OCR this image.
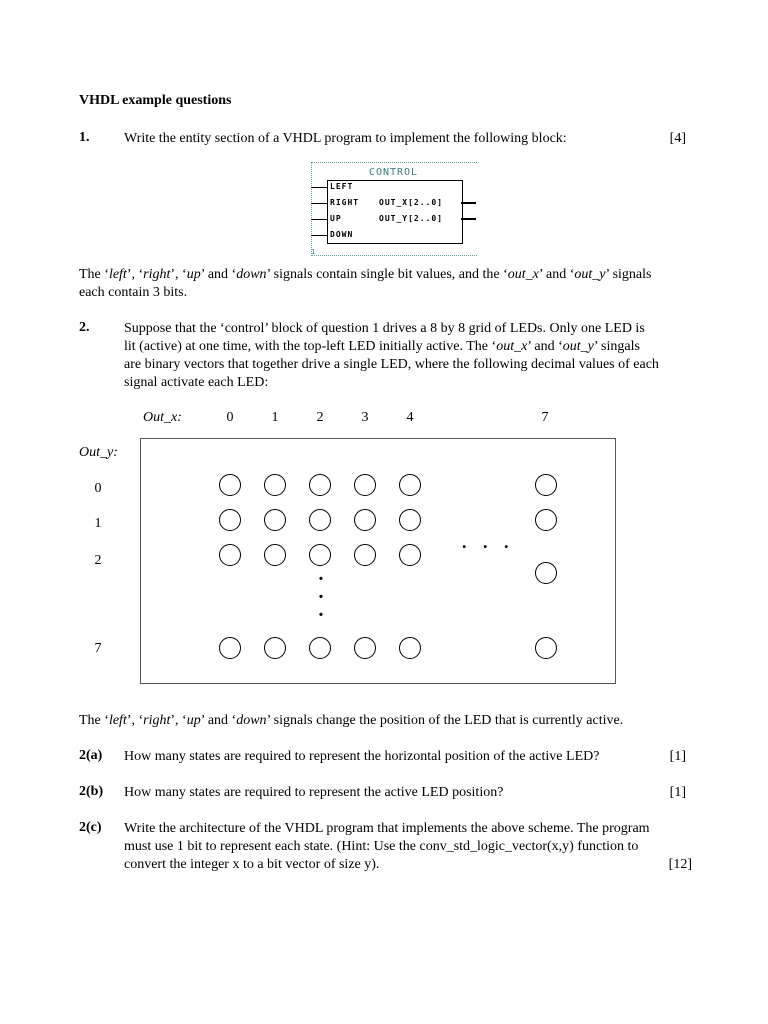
VHDL example questions
1. Write the entity section of a VHDL program to implement the following block:	[4]
CONTROL
LEFT
RIGHT
UP
DOWN
OUT_X[2..0]
OUT_Y[2..0]
1
The ‘left’, ‘right’, ‘up’ and ‘down’ signals contain single bit values, and the ‘out_x’ and ‘out_y’ signals
each contain 3 bits.
2. Suppose that the ‘control’ block of question 1 drives a 8 by 8 grid of LEDs. Only one LED is
lit (active) at one time, with the top-left LED initially active. The ‘out_x’ and ‘out_y’ singals
are binary vectors that together drive a single LED, where the following decimal values of each
signal activate each LED:
Out_x:	0	1	2	3	4	7
Out_y:
0
1
2
7
. . .
·
·
·
The ‘left’, ‘right’, ‘up’ and ‘down’ signals change the position of the LED that is currently active.
2(a) How many states are required to represent the horizontal position of the active LED?	[1]
2(b) How many states are required to represent the active LED position?	[1]
2(c) Write the architecture of the VHDL program that implements the above scheme. The program
must use 1 bit to represent each state. (Hint: Use the conv_std_logic_vector(x,y) function to
convert the integer x to a bit vector of size y).	[12]
